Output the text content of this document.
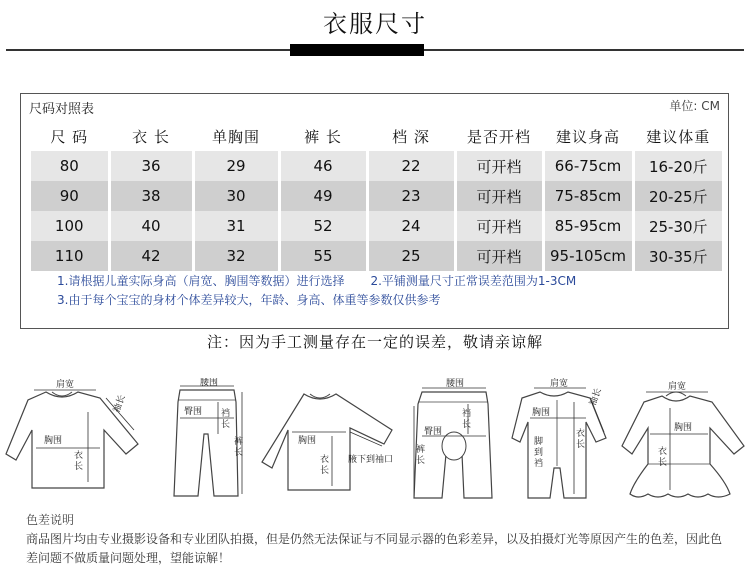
衣服尺寸
尺码对照表	单位: CM
尺 码	衣 长	单胸围	裤 长	档 深	是否开档	建议身高	建议体重
80	36	29	46	22	可开档	66-75cm	16-20斤
90	38	30	49	23	可开档	75-85cm	20-25斤
100	40	31	52	24	可开档	85-95cm	25-30斤
110	42	32	55	25	可开档	95-105cm	30-35斤
1.请根据儿童实际身高（肩宽、胸围等数据）进行选择 2.平铺测量尺寸正常误差范围为1-3CM
3.由于每个宝宝的身材个体差异较大，年龄、身高、体重等参数仅供参考
注：因为手工测量存在一定的误差，敬请亲谅解
肩宽
袖长
胸围
衣
长
腰围
臀围 裆
长
裤
长
胸围
衣
长
腋下到袖口
腰围
裆
长
臀围
裤
长
肩宽
袖长
胸围
衣
长
脚
到
裆
肩宽
胸围
衣
长
色差说明
商品图片均由专业摄影设备和专业团队拍摄，但是仍然无法保证与不同显示器的色彩差异，以及拍摄灯光等原因产生的色差，因此色差问题不做质量问题处理，望能谅解！
